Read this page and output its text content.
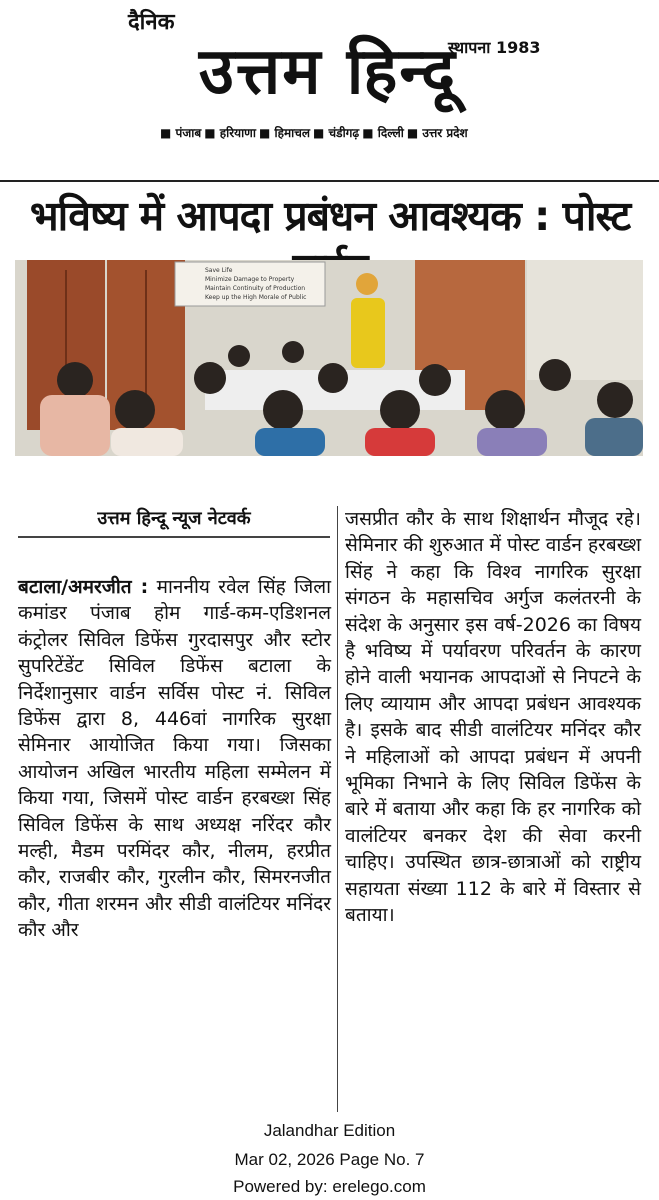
दैनिक
स्थापना 1983
उत्तम हिन्दू
■ पंजाब	■ हरियाणा	■ हिमाचल	■ चंडीगढ़	■ दिल्ली	■ उत्तर प्रदेश
भविष्य में आपदा प्रबंधन आवश्यक : पोस्ट
Save Life
Minimize Damage to Property
Maintain Continuity of Production
Keep up the High Morale of Public
उत्तम हिन्दू न्यूज नेटवर्क

बटाला/अमरजीत : माननीय रवेल सिंह जिला कमांडर पंजाब होम गार्ड-कम-एडिशनल कंट्रोलर सिविल डिफेंस गुरदासपुर और स्टोर सुपरिटेंडेंट सिविल डिफेंस बटाला के निर्देशानुसार वार्डन सर्विस पोस्ट नं. सिविल डिफेंस द्वारा 8, 446वां नागरिक सुरक्षा सेमिनार आयोजित किया गया। जिसका आयोजन अखिल भारतीय महिला सम्मेलन में किया गया, जिसमें पोस्ट वार्डन हरबख्श सिंह सिविल डिफेंस के साथ अध्यक्ष नरिंदर कौर मल्ही, मैडम परमिंदर कौर, नीलम, हरप्रीत कौर, राजबीर कौर, गुरलीन कौर, सिमरनजीत कौर, गीता शरमन और सीडी वालंटियर मनिंदर कौर और

जसप्रीत कौर के साथ शिक्षार्थन मौजूद रहे। सेमिनार की शुरुआत में पोस्ट वार्डन हरबख्श सिंह ने कहा कि विश्व नागरिक सुरक्षा संगठन के महासचिव अर्गुज कलंतरनी के संदेश के अनुसार इस वर्ष-2026 का विषय है भविष्य में पर्यावरण परिवर्तन के कारण होने वाली भयानक आपदाओं से निपटने के लिए व्यायाम और आपदा प्रबंधन आवश्यक है। इसके बाद सीडी वालंटियर मनिंदर कौर ने महिलाओं को आपदा प्रबंधन में अपनी भूमिका निभाने के लिए सिविल डिफेंस के बारे में बताया और कहा कि हर नागरिक को वालंटियर बनकर देश की सेवा करनी चाहिए। उपस्थित छात्र-छात्राओं को राष्ट्रीय सहायता संख्या 112 के बारे में विस्तार से बताया।

Jalandhar Edition
Mar 02, 2026 Page No. 7
Powered by: erelego.com
